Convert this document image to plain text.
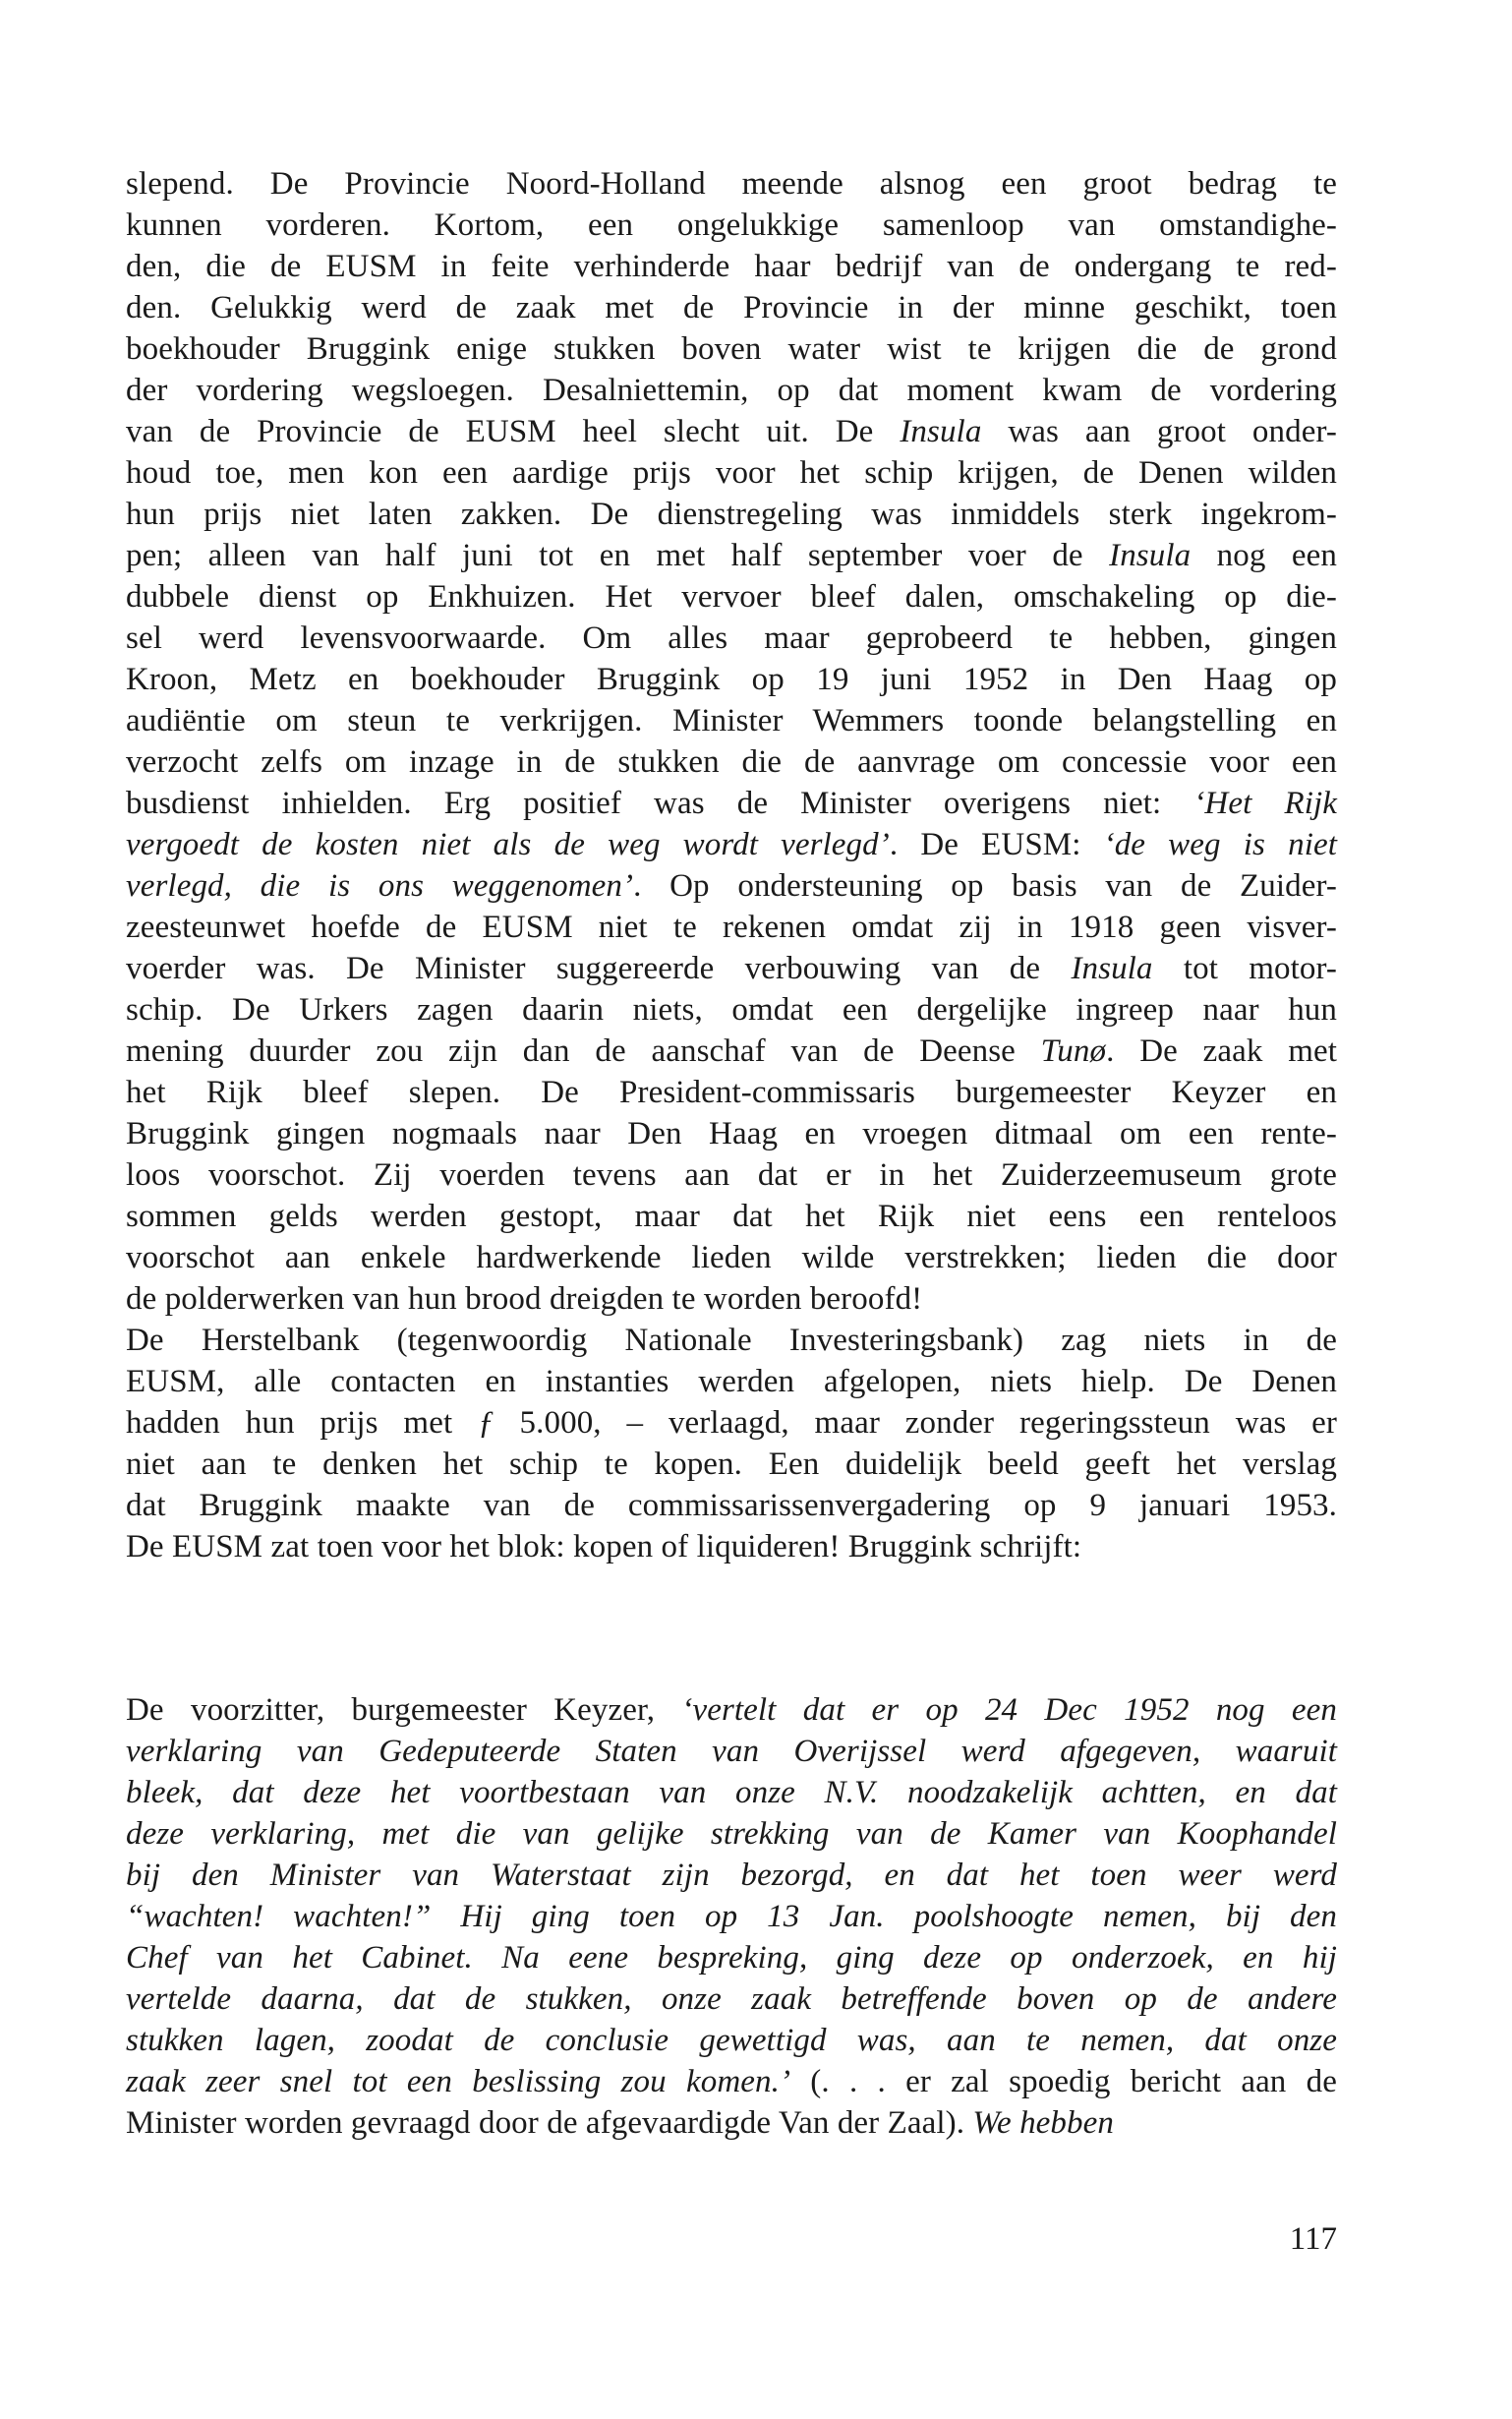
slepend. De Provincie Noord-Holland meende alsnog een groot bedrag te
kunnen vorderen. Kortom, een ongelukkige samenloop van omstandighe-
den, die de EUSM in feite verhinderde haar bedrijf van de ondergang te red-
den. Gelukkig werd de zaak met de Provincie in der minne geschikt, toen
boekhouder Bruggink enige stukken boven water wist te krijgen die de grond
der vordering wegsloegen. Desalniettemin, op dat moment kwam de vordering
van de Provincie de EUSM heel slecht uit. De Insula was aan groot onder-
houd toe, men kon een aardige prijs voor het schip krijgen, de Denen wilden
hun prijs niet laten zakken. De dienstregeling was inmiddels sterk ingekrom-
pen; alleen van half juni tot en met half september voer de Insula nog een
dubbele dienst op Enkhuizen. Het vervoer bleef dalen, omschakeling op die-
sel werd levensvoorwaarde. Om alles maar geprobeerd te hebben, gingen
Kroon, Metz en boekhouder Bruggink op 19 juni 1952 in Den Haag op
audiëntie om steun te verkrijgen. Minister Wemmers toonde belangstelling en
verzocht zelfs om inzage in de stukken die de aanvrage om concessie voor een
busdienst inhielden. Erg positief was de Minister overigens niet: ‘Het Rijk
vergoedt de kosten niet als de weg wordt verlegd’. De EUSM: ‘de weg is niet
verlegd, die is ons weggenomen’. Op ondersteuning op basis van de Zuider-
zeesteunwet hoefde de EUSM niet te rekenen omdat zij in 1918 geen visver-
voerder was. De Minister suggereerde verbouwing van de Insula tot motor-
schip. De Urkers zagen daarin niets, omdat een dergelijke ingreep naar hun
mening duurder zou zijn dan de aanschaf van de Deense Tunø. De zaak met
het Rijk bleef slepen. De President-commissaris burgemeester Keyzer en
Bruggink gingen nogmaals naar Den Haag en vroegen ditmaal om een rente-
loos voorschot. Zij voerden tevens aan dat er in het Zuiderzeemuseum grote
sommen gelds werden gestopt, maar dat het Rijk niet eens een renteloos
voorschot aan enkele hardwerkende lieden wilde verstrekken; lieden die door
de polderwerken van hun brood dreigden te worden beroofd!
De Herstelbank (tegenwoordig Nationale Investeringsbank) zag niets in de
EUSM, alle contacten en instanties werden afgelopen, niets hielp. De Denen
hadden hun prijs met ƒ 5.000, – verlaagd, maar zonder regeringssteun was er
niet aan te denken het schip te kopen. Een duidelijk beeld geeft het verslag
dat Bruggink maakte van de commissarissenvergadering op 9 januari 1953.
De EUSM zat toen voor het blok: kopen of liquideren! Bruggink schrijft:
De voorzitter, burgemeester Keyzer, ‘vertelt dat er op 24 Dec 1952 nog een
verklaring van Gedeputeerde Staten van Overijssel werd afgegeven, waaruit
bleek, dat deze het voortbestaan van onze N.V. noodzakelijk achtten, en dat
deze verklaring, met die van gelijke strekking van de Kamer van Koophandel
bij den Minister van Waterstaat zijn bezorgd, en dat het toen weer werd
“wachten! wachten!” Hij ging toen op 13 Jan. poolshoogte nemen, bij den
Chef van het Cabinet. Na eene bespreking, ging deze op onderzoek, en hij
vertelde daarna, dat de stukken, onze zaak betreffende boven op de andere
stukken lagen, zoodat de conclusie gewettigd was, aan te nemen, dat onze
zaak zeer snel tot een beslissing zou komen.’ (. . . er zal spoedig bericht aan de
Minister worden gevraagd door de afgevaardigde Van der Zaal). We hebben
117
